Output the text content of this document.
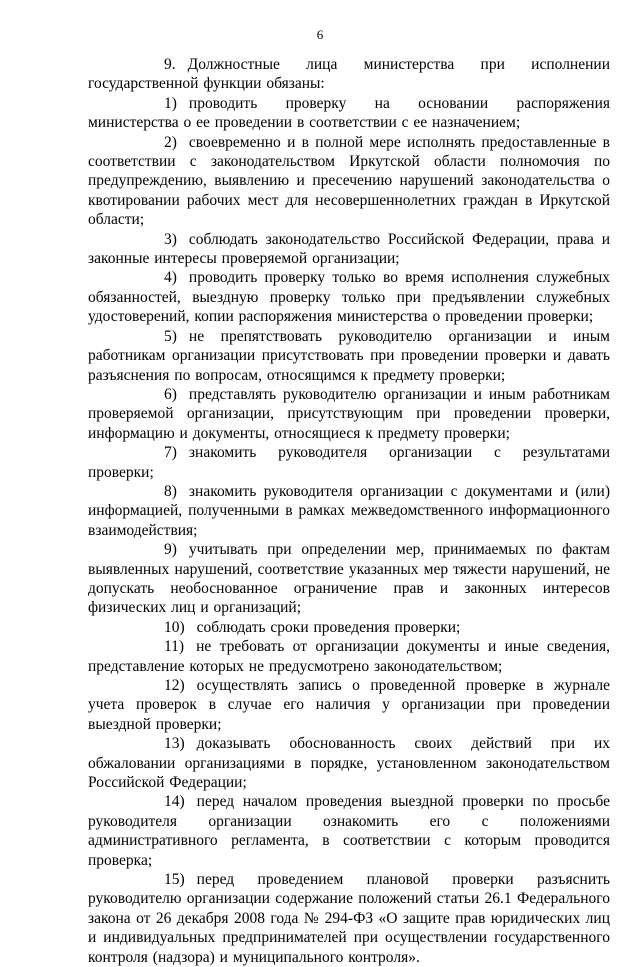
6

9. Должностные лица министерства при исполнении государственной функции обязаны:

1) проводить проверку на основании распоряжения министерства о ее проведении в соответствии с ее назначением;

2) своевременно и в полной мере исполнять предоставленные в соответствии с законодательством Иркутской области полномочия по предупреждению, выявлению и пресечению нарушений законодательства о квотировании рабочих мест для несовершеннолетних граждан в Иркутской области;

3) соблюдать законодательство Российской Федерации, права и законные интересы проверяемой организации;

4) проводить проверку только во время исполнения служебных обязанностей, выездную проверку только при предъявлении служебных удостоверений, копии распоряжения министерства о проведении проверки;

5) не препятствовать руководителю организации и иным работникам организации присутствовать при проведении проверки и давать разъяснения по вопросам, относящимся к предмету проверки;

6) представлять руководителю организации и иным работникам проверяемой организации, присутствующим при проведении проверки, информацию и документы, относящиеся к предмету проверки;

7) знакомить руководителя организации с результатами проверки;

8) знакомить руководителя организации с документами и (или) информацией, полученными в рамках межведомственного информационного взаимодействия;

9) учитывать при определении мер, принимаемых по фактам выявленных нарушений, соответствие указанных мер тяжести нарушений, не допускать необоснованное ограничение прав и законных интересов физических лиц и организаций;

10) соблюдать сроки проведения проверки;

11) не требовать от организации документы и иные сведения, представление которых не предусмотрено законодательством;

12) осуществлять запись о проведенной проверке в журнале учета проверок в случае его наличия у организации при проведении выездной проверки;

13) доказывать обоснованность своих действий при их обжаловании организациями в порядке, установленном законодательством Российской Федерации;

14) перед началом проведения выездной проверки по просьбе руководителя организации ознакомить его с положениями административного регламента, в соответствии с которым проводится проверка;

15) перед проведением плановой проверки разъяснить руководителю организации содержание положений статьи 26.1 Федерального закона от 26 декабря 2008 года № 294-ФЗ «О защите прав юридических лиц и индивидуальных предпринимателей при осуществлении государственного контроля (надзора) и муниципального контроля».
